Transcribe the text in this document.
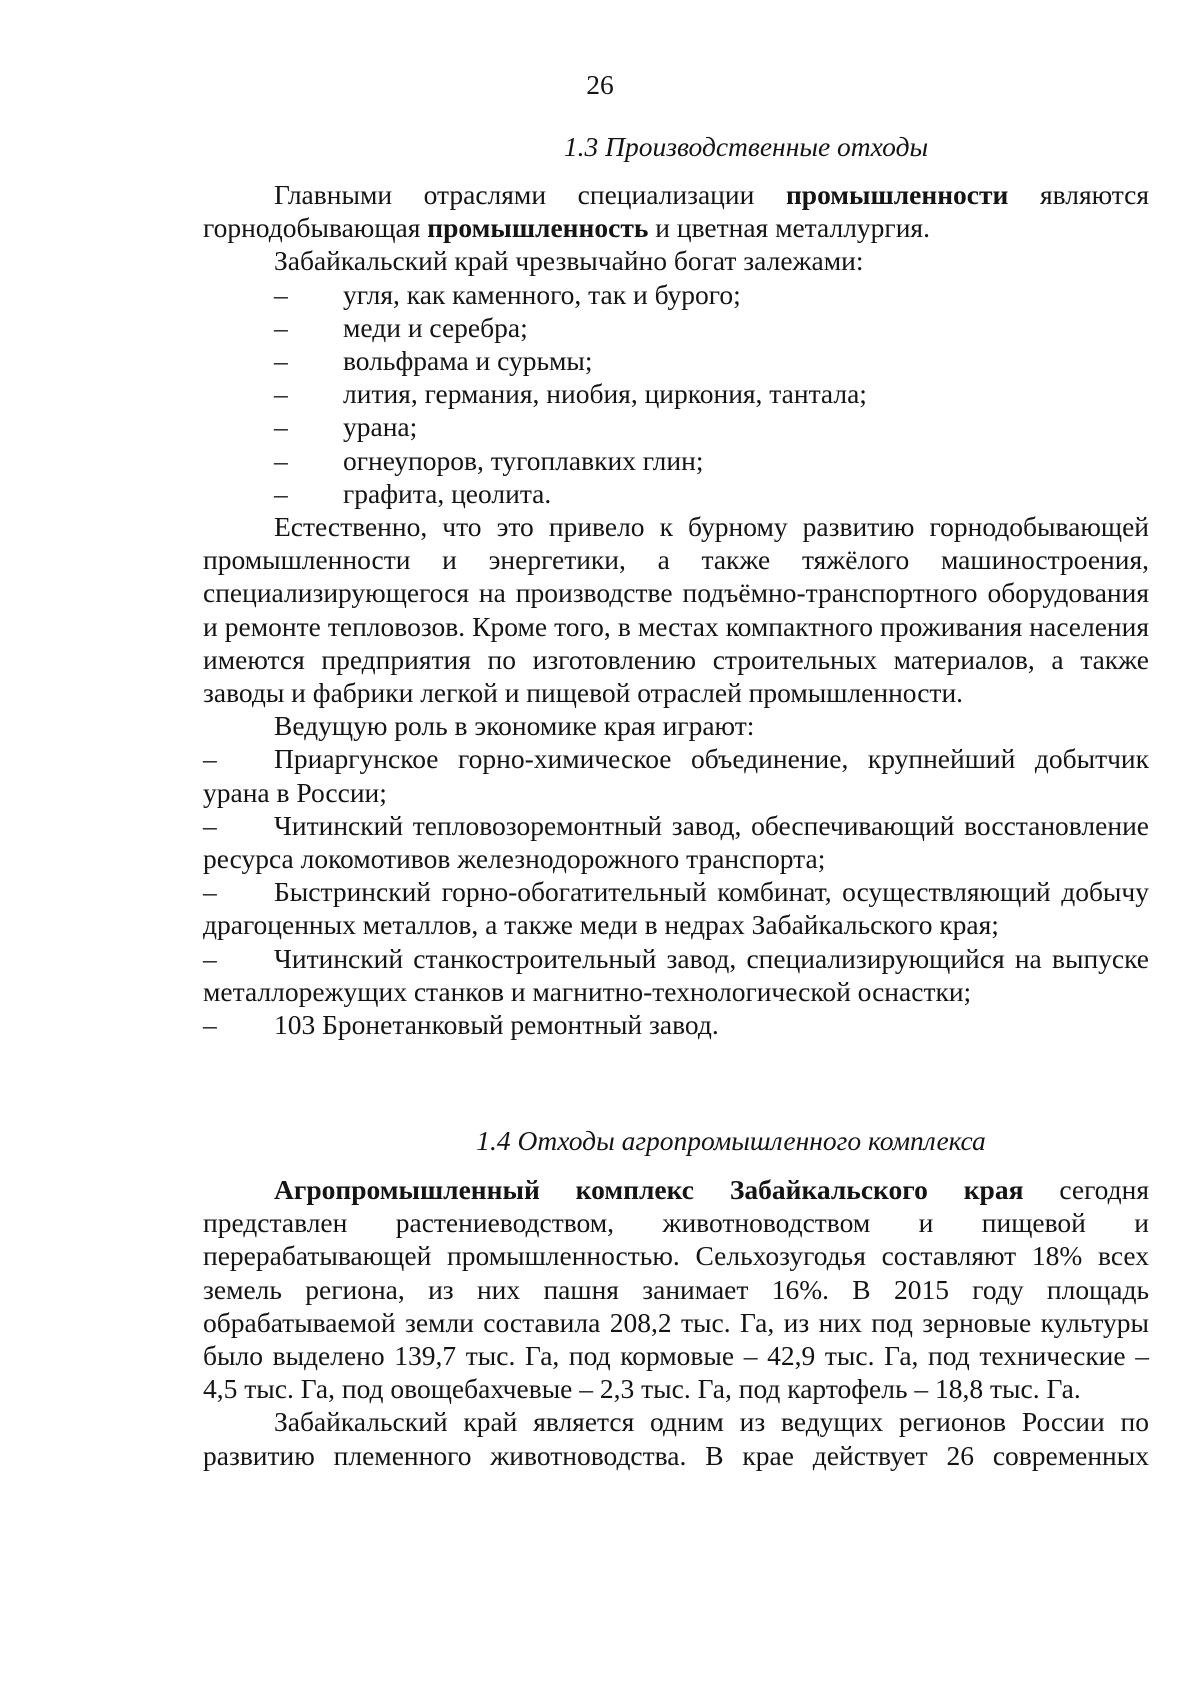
26
1.3 Производственные отходы

Главными отраслями специализации промышленности являются горнодобывающая промышленность и цветная металлургия.

Забайкальский край чрезвычайно богат залежами:

– угля, как каменного, так и бурого;
– меди и серебра;
– вольфрама и сурьмы;
– лития, германия, ниобия, циркония, тантала;
– урана;
– огнеупоров, тугоплавких глин;
– графита, цеолита.

Естественно, что это привело к бурному развитию горнодобывающей промышленности и энергетики, а также тяжёлого машиностроения, специализирующегося на производстве подъёмно-транспортного оборудования и ремонте тепловозов. Кроме того, в местах компактного проживания населения имеются предприятия по изготовлению строительных материалов, а также заводы и фабрики легкой и пищевой отраслей промышленности.

Ведущую роль в экономике края играют:

– Приаргунское горно-химическое объединение, крупнейший добытчик урана в России;

– Читинский тепловозоремонтный завод, обеспечивающий восстановление ресурса локомотивов железнодорожного транспорта;

– Быстринский горно-обогатительный комбинат, осуществляющий добычу драгоценных металлов, а также меди в недрах Забайкальского края;

– Читинский станкостроительный завод, специализирующийся на выпуске металлорежущих станков и магнитно-технологической оснастки;

– 103 Бронетанковый ремонтный завод.

1.4 Отходы агропромышленного комплекса

Агропромышленный комплекс Забайкальского края сегодня представлен растениеводством, животноводством и пищевой и перерабатывающей промышленностью. Сельхозугодья составляют 18% всех земель региона, из них пашня занимает 16%. В 2015 году площадь обрабатываемой земли составила 208,2 тыс. Га, из них под зерновые культуры было выделено 139,7 тыс. Га, под кормовые – 42,9 тыс. Га, под технические – 4,5 тыс. Га, под овощебахчевые – 2,3 тыс. Га, под картофель – 18,8 тыс. Га.

Забайкальский край является одним из ведущих регионов России по развитию племенного животноводства. В крае действует 26 современных
